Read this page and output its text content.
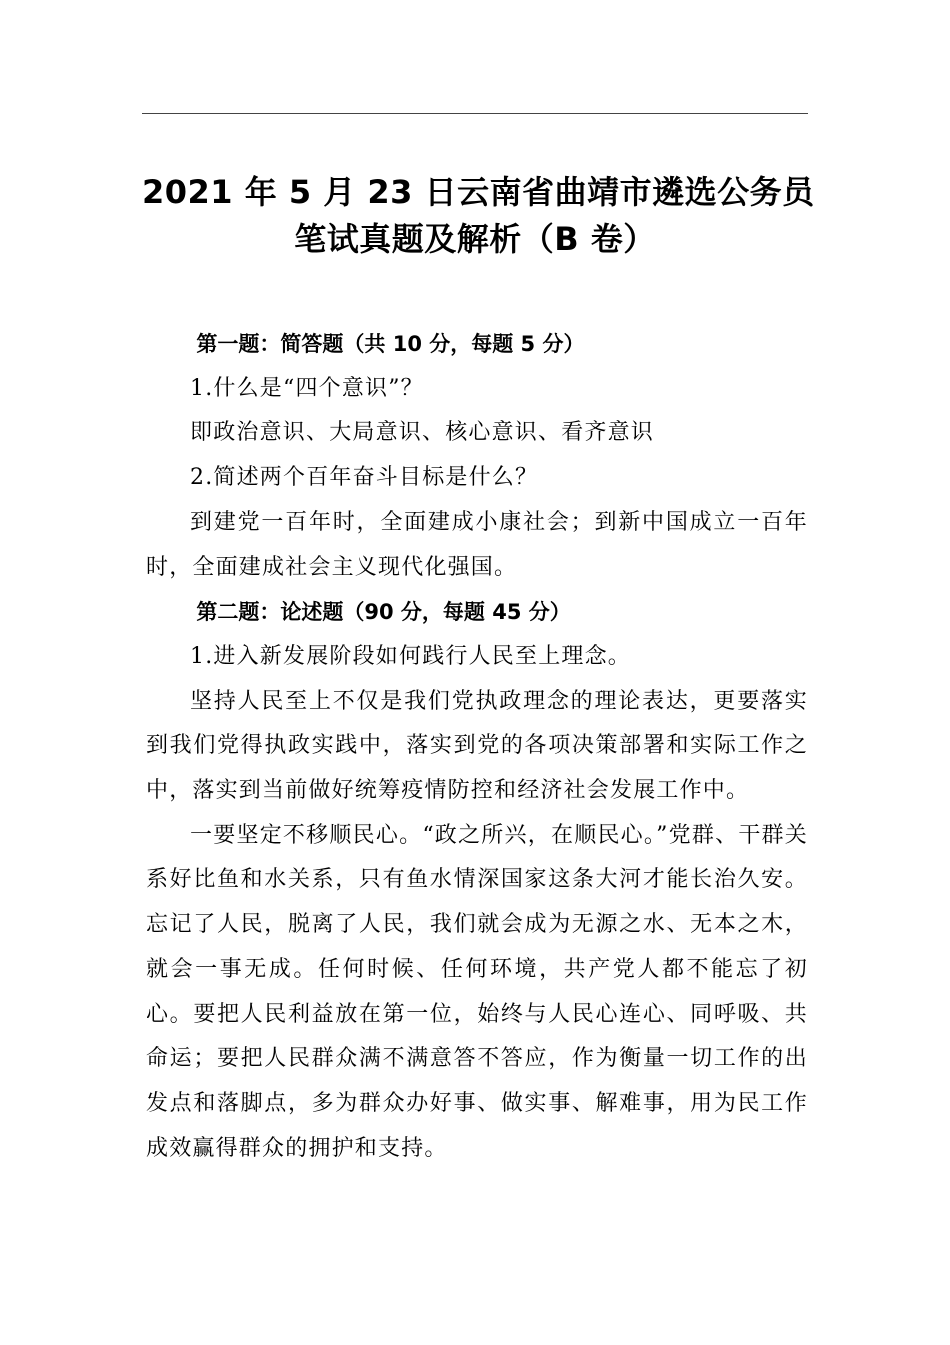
2021 年 5 月 23 日云南省曲靖市遴选公务员
笔试真题及解析（B 卷）

第一题：简答题（共 10 分，每题 5 分）

1.什么是“四个意识”？

即政治意识、大局意识、核心意识、看齐意识

2.简述两个百年奋斗目标是什么？

到建党一百年时，全面建成小康社会；到新中国成立一百年时，全面建成社会主义现代化强国。

第二题：论述题（90 分，每题 45 分）

1.进入新发展阶段如何践行人民至上理念。

坚持人民至上不仅是我们党执政理念的理论表达，更要落实到我们党得执政实践中，落实到党的各项决策部署和实际工作之中，落实到当前做好统筹疫情防控和经济社会发展工作中。

一要坚定不移顺民心。“政之所兴，在顺民心。”党群、干群关系好比鱼和水关系，只有鱼水情深国家这条大河才能长治久安。忘记了人民，脱离了人民，我们就会成为无源之水、无本之木，就会一事无成。任何时候、任何环境，共产党人都不能忘了初心。要把人民利益放在第一位，始终与人民心连心、同呼吸、共命运；要把人民群众满不满意答不答应，作为衡量一切工作的出发点和落脚点，多为群众办好事、做实事、解难事，用为民工作成效赢得群众的拥护和支持。
